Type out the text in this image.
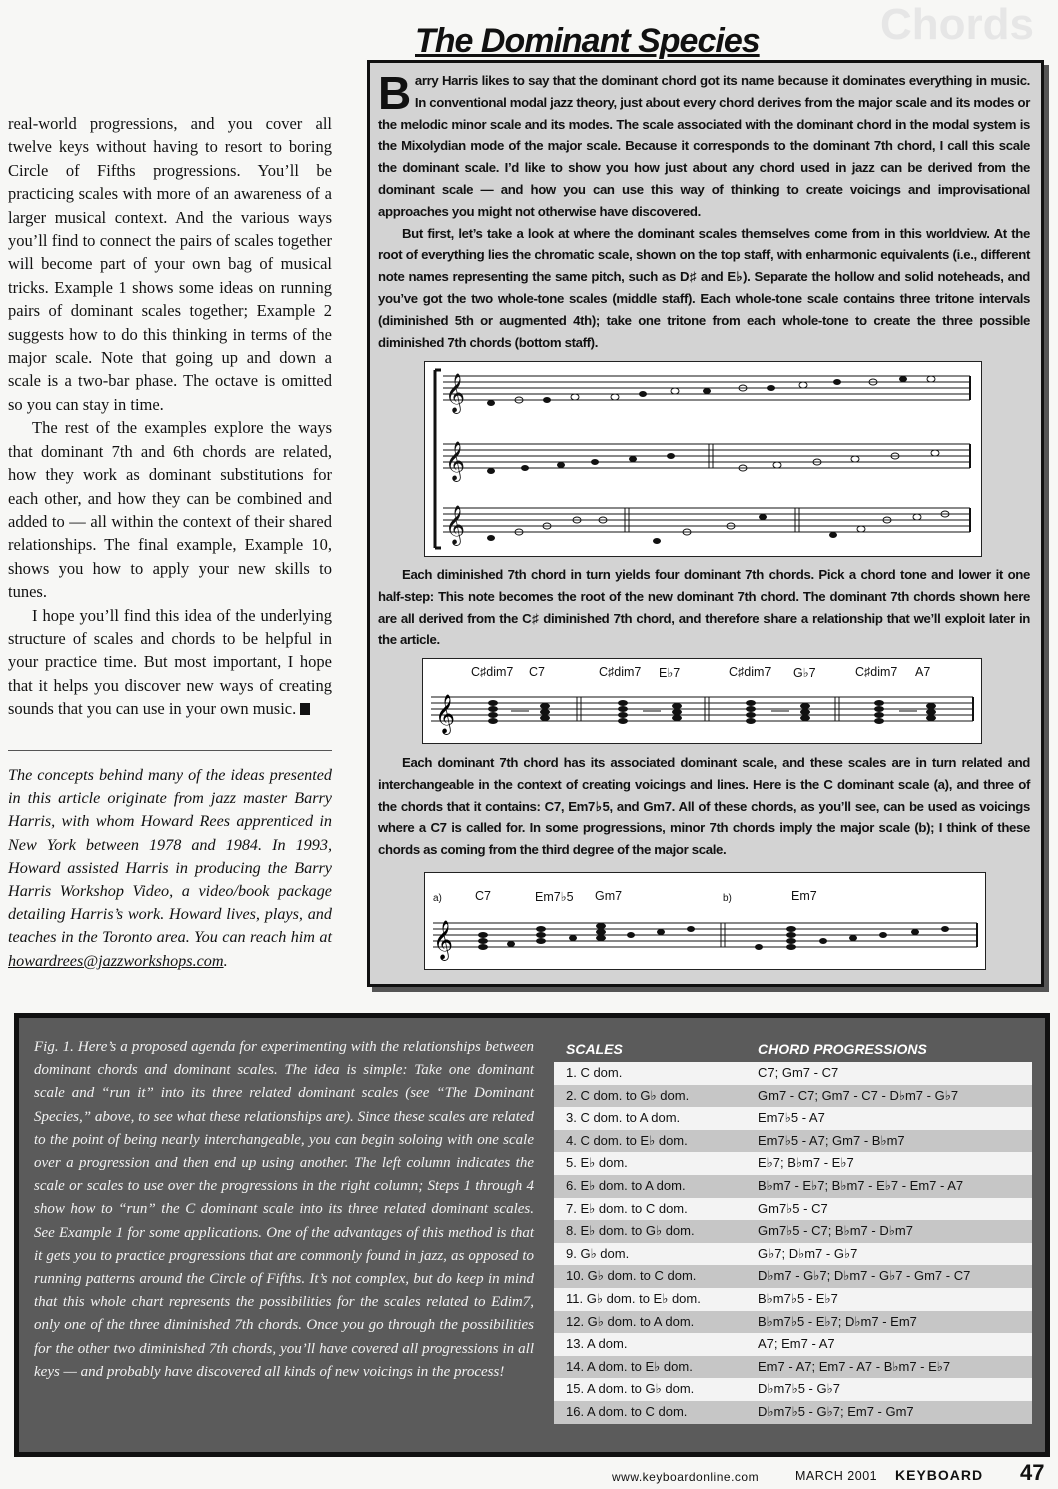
Chords
The Dominant Species

real-world progressions, and you cover all twelve keys without having to resort to boring Circle of Fifths progressions. You’ll be practicing scales with more of an awareness of a larger musical context. And the various ways you’ll find to connect the pairs of scales together will become part of your own bag of musical tricks. Example 1 shows some ideas on running pairs of dominant scales together; Example 2 suggests how to do this thinking in terms of the major scale. Note that going up and down a scale is a two-bar phase. The octave is omitted so you can stay in time.

The rest of the examples explore the ways that dominant 7th and 6th chords are related, how they work as dominant substitutions for each other, and how they can be combined and added to — all within the context of their shared relationships. The final example, Example 10, shows you how to apply your new skills to tunes.

I hope you’ll find this idea of the underlying structure of scales and chords to be helpful in your practice time. But most important, I hope that it helps you discover new ways of creating sounds that you can use in your own music.

The concepts behind many of the ideas presented in this article originate from jazz master Barry Harris, with whom Howard Rees apprenticed in New York between 1978 and 1984. In 1993, Howard assisted Harris in producing the Barry Harris Workshop Video, a video/book package detailing Harris’s work. Howard lives, plays, and teaches in the Toronto area. You can reach him at howardrees@jazzworkshops.com.

Barry Harris likes to say that the dominant chord got its name because it dominates everything in music. In conventional modal jazz theory, just about every chord derives from the major scale and its modes or the melodic minor scale and its modes. The scale associated with the dominant chord in the modal system is the Mixolydian mode of the major scale. Because it corresponds to the dominant 7th chord, I call this scale the dominant scale. I’d like to show you how just about any chord used in jazz can be derived from the dominant scale — and how you can use this way of thinking to create voicings and improvisational approaches you might not otherwise have discovered.

But first, let’s take a look at where the dominant scales themselves come from in this worldview. At the root of everything lies the chromatic scale, shown on the top staff, with enharmonic equivalents (i.e., different note names representing the same pitch, such as D♯ and E♭). Separate the hollow and solid noteheads, and you’ve got the two whole-tone scales (middle staff). Each whole-tone scale contains three tritone intervals (diminished 5th or augmented 4th); take one tritone from each whole-tone to create the three possible diminished 7th chords (bottom staff).

𝄞
𝄞
𝄞

Each diminished 7th chord in turn yields four dominant 7th chords. Pick a chord tone and lower it one half-step: This note becomes the root of the new dominant 7th chord. The dominant 7th chords shown here are all derived from the C♯ diminished 7th chord, and therefore share a relationship that we’ll exploit later in the article.

C♯dim7 C7	C♯dim7 E♭7	C♯dim7 G♭7	C♯dim7 A7
𝄞

Each dominant 7th chord has its associated dominant scale, and these scales are in turn related and interchangeable in the context of creating voicings and lines. Here is the C dominant scale (a), and three of the chords that it contains: C7, Em7♭5, and Gm7. All of these chords, as you’ll see, can be used as voicings where a C7 is called for. In some progressions, minor 7th chords imply the major scale (b); I think of these chords as coming from the third degree of the major scale.

a)	C7	Em7♭5 Gm7	b)	Em7
𝄞
Fig. 1. Here’s a proposed agenda for experimenting with the relationships between dominant chords and dominant scales. The idea is simple: Take one dominant scale and “run it” into its three related dominant scales (see “The Dominant Species,” above, to see what these relationships are). Since these scales are related to the point of being nearly interchangeable, you can begin soloing with one scale over a progression and then end up using another. The left column indicates the scale or scales to use over the progressions in the right column; Steps 1 through 4 show how to “run” the C dominant scale into its three related dominant scales. See Example 1 for some applications. One of the advantages of this method is that it gets you to practice progressions that are commonly found in jazz, as opposed to running patterns around the Circle of Fifths. It’s not complex, but do keep in mind that this whole chart represents the possibilities for the scales related to Edim7, only one of the three diminished 7th chords. Once you go through the possibilities for the other two diminished 7th chords, you’ll have covered all progressions in all keys — and probably have discovered all kinds of new voicings in the process!
SCALES	CHORD PROGRESSIONS
1. C dom.	C7; Gm7 - C7
2. C dom. to G♭ dom.	Gm7 - C7; Gm7 - C7 - D♭m7 - G♭7
3. C dom. to A dom.	Em7♭5 - A7
4. C dom. to E♭ dom.	Em7♭5 - A7; Gm7 - B♭m7
5. E♭ dom.	E♭7; B♭m7 - E♭7
6. E♭ dom. to A dom.	B♭m7 - E♭7; B♭m7 - E♭7 - Em7 - A7
7. E♭ dom. to C dom.	Gm7♭5 - C7
8. E♭ dom. to G♭ dom.	Gm7♭5 - C7; B♭m7 - D♭m7
9. G♭ dom.	G♭7; D♭m7 - G♭7
10. G♭ dom. to C dom.	D♭m7 - G♭7; D♭m7 - G♭7 - Gm7 - C7
11. G♭ dom. to E♭ dom.	B♭m7♭5 - E♭7
12. G♭ dom. to A dom.	B♭m7♭5 - E♭7; D♭m7 - Em7
13. A dom.	A7; Em7 - A7
14. A dom. to E♭ dom.	Em7 - A7; Em7 - A7 - B♭m7 - E♭7
15. A dom. to G♭ dom.	D♭m7♭5 - G♭7
16. A dom. to C dom.	D♭m7♭5 - G♭7; Em7 - Gm7
www.keyboardonline.com	MARCH 2001 KEYBOARD 47
